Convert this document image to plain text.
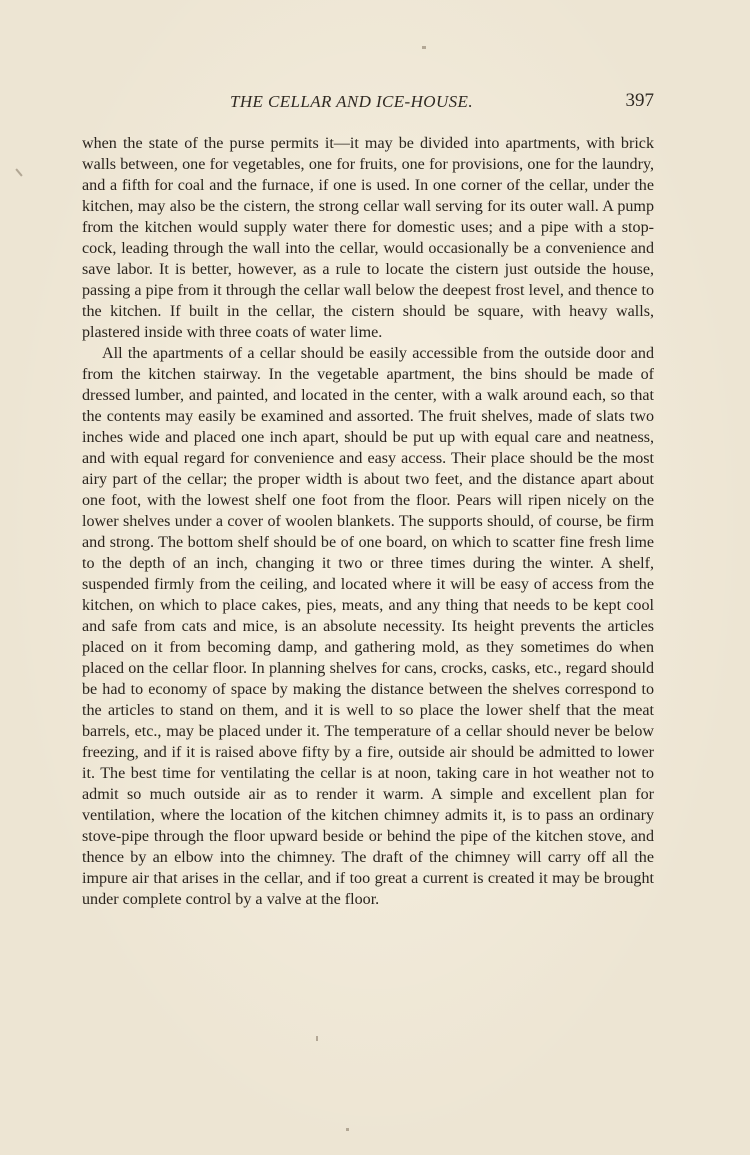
THE CELLAR AND ICE-HOUSE.	397

when the state of the purse permits it—it may be divided into apartments, with brick walls between, one for vegetables, one for fruits, one for provisions, one for the laundry, and a fifth for coal and the furnace, if one is used. In one corner of the cellar, under the kitchen, may also be the cistern, the strong cellar wall serving for its outer wall. A pump from the kitchen would supply water there for domestic uses; and a pipe with a stop-cock, leading through the wall into the cellar, would occasionally be a convenience and save labor. It is better, however, as a rule to locate the cistern just outside the house, passing a pipe from it through the cellar wall below the deepest frost level, and thence to the kitchen. If built in the cellar, the cistern should be square, with heavy walls, plastered inside with three coats of water lime.

All the apartments of a cellar should be easily accessible from the outside door and from the kitchen stairway. In the vegetable apartment, the bins should be made of dressed lumber, and painted, and located in the center, with a walk around each, so that the contents may easily be examined and assorted. The fruit shelves, made of slats two inches wide and placed one inch apart, should be put up with equal care and neatness, and with equal regard for convenience and easy access. Their place should be the most airy part of the cellar; the proper width is about two feet, and the distance apart about one foot, with the lowest shelf one foot from the floor. Pears will ripen nicely on the lower shelves under a cover of woolen blankets. The supports should, of course, be firm and strong. The bottom shelf should be of one board, on which to scatter fine fresh lime to the depth of an inch, changing it two or three times during the winter. A shelf, suspended firmly from the ceiling, and located where it will be easy of access from the kitchen, on which to place cakes, pies, meats, and any thing that needs to be kept cool and safe from cats and mice, is an absolute necessity. Its height prevents the articles placed on it from becoming damp, and gathering mold, as they sometimes do when placed on the cellar floor. In planning shelves for cans, crocks, casks, etc., regard should be had to economy of space by making the distance between the shelves correspond to the articles to stand on them, and it is well to so place the lower shelf that the meat barrels, etc., may be placed under it. The temperature of a cellar should never be below freezing, and if it is raised above fifty by a fire, outside air should be admitted to lower it. The best time for ventilating the cellar is at noon, taking care in hot weather not to admit so much outside air as to render it warm. A simple and excellent plan for ventilation, where the location of the kitchen chimney admits it, is to pass an ordinary stove-pipe through the floor upward beside or behind the pipe of the kitchen stove, and thence by an elbow into the chimney. The draft of the chimney will carry off all the impure air that arises in the cellar, and if too great a current is created it may be brought under complete control by a valve at the floor.
